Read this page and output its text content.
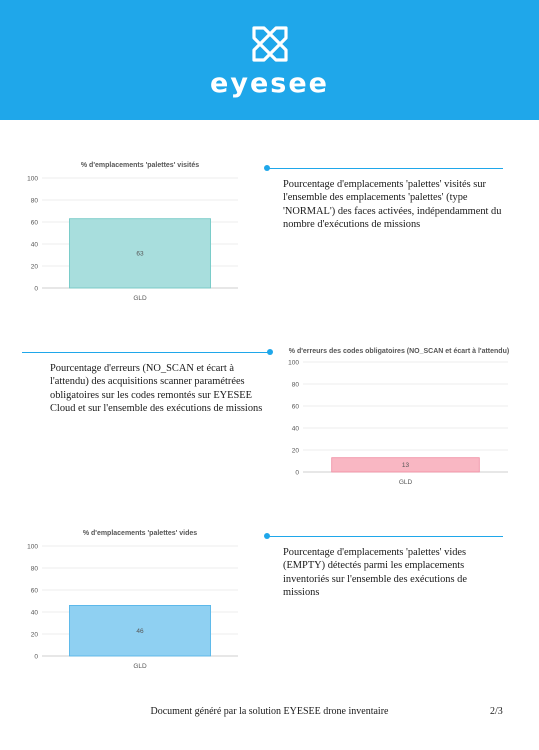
eyesee
% d'emplacements 'palettes' visités
0
20
40
60
80
100
63
GLD
Pourcentage d'emplacements 'palettes' visités sur l'ensemble des emplacements 'palettes' (type 'NORMAL') des faces activées, indépendamment du nombre d'exécutions de missions
Pourcentage d'erreurs (NO_SCAN et écart à l'attendu) des acquisitions scanner paramétrées obligatoires sur les codes remontés sur EYESEE Cloud et sur l'ensemble des exécutions de missions
% d'erreurs des codes obligatoires (NO_SCAN et écart à l'attendu)
0
20
40
60
80
100
13
GLD
% d'emplacements 'palettes' vides
0
20
40
60
80
100
46
GLD
Pourcentage d'emplacements 'palettes' vides (EMPTY) détectés parmi les emplacements inventoriés sur l'ensemble des exécutions de missions
Document généré par la solution EYESEE drone inventaire	2/3
